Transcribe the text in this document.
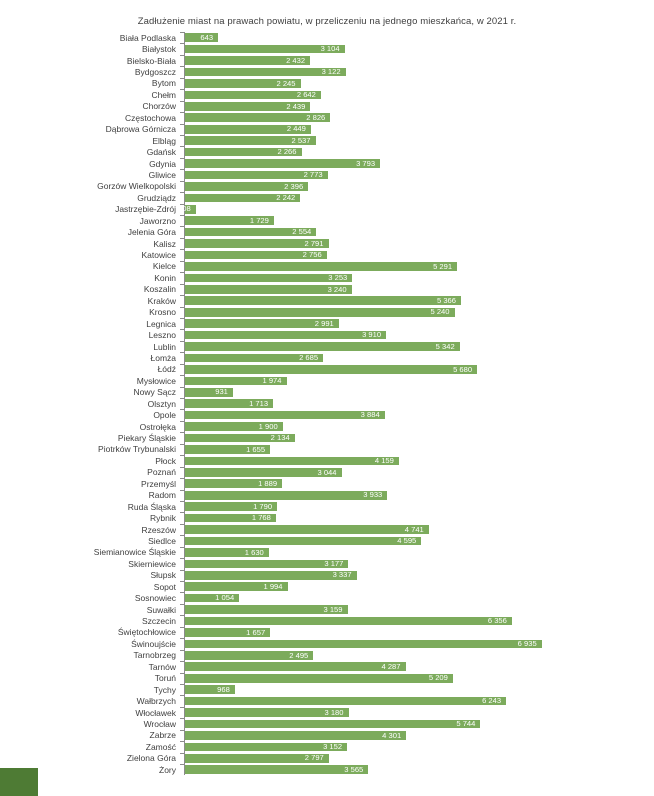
Zadłużenie miast na prawach powiatu, w przeliczeniu na jednego mieszkańca, w 2021 r.
Biała Podlaska	643
Białystok	3 104
Bielsko-Biała	2 432
Bydgoszcz	3 122
Bytom	2 245
Chełm	2 642
Chorzów	2 439
Częstochowa	2 826
Dąbrowa Górnicza	2 449
Elbląg	2 537
Gdańsk	2 266
Gdynia	3 793
Gliwice	2 773
Gorzów Wielkopolski	2 396
Grudziądz	2 242
Jastrzębie-Zdrój 208
Jaworzno	1 729
Jelenia Góra	2 554
Kalisz	2 791
Katowice	2 756
Kielce	5 291
Konin	3 253
Koszalin	3 240
Kraków	5 366
Krosno	5 240
Legnica	2 991
Leszno	3 910
Lublin	5 342
Łomża	2 685
Łódź	5 680
Mysłowice	1 974
Nowy Sącz	931
Olsztyn	1 713
Opole	3 884
Ostrołęka	1 900
Piekary Śląskie	2 134
Piotrków Trybunalski	1 655
Płock	4 159
Poznań	3 044
Przemyśl	1 889
Radom	3 933
Ruda Śląska	1 790
Rybnik	1 768
Rzeszów	4 741
Siedlce	4 595
Siemianowice Śląskie	1 630
Skierniewice	3 177
Słupsk	3 337
Sopot	1 994
Sosnowiec	1 054
Suwałki	3 159
Szczecin	6 356
Świętochłowice	1 657
Świnoujście	6 935
Tarnobrzeg	2 495
Tarnów	4 287
Toruń	5 209
Tychy	968
Wałbrzych	6 243
Włocławek	3 180
Wrocław	5 744
Zabrze	4 301
Zamość	3 152
Zielona Góra	2 797
Żory	3 565
